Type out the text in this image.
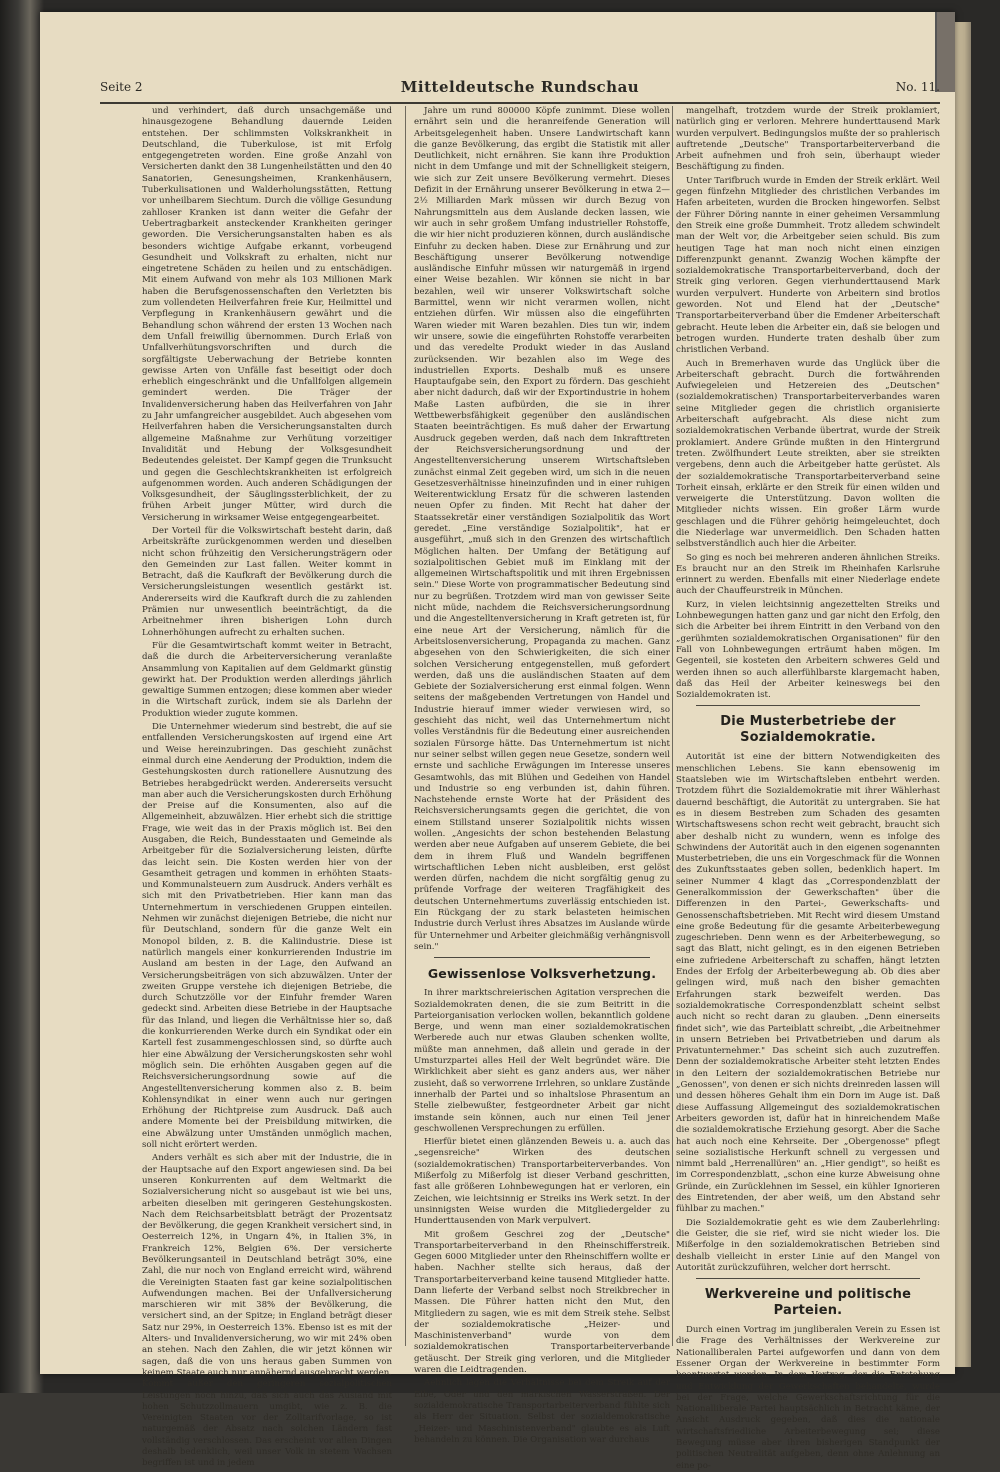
Seite 2	Mitteldeutsche Rundschau	No. 11.

und verhindert, daß durch unsachgemäße und hinausgezogene Behandlung dauernde Leiden entstehen. Der schlimmsten Volkskrankheit in Deutschland, die Tuberkulose, ist mit Erfolg entgegengetreten worden. Eine große Anzahl von Versicherten dankt den 38 Lungenheilstätten und den 40 Sanatorien, Genesungsheimen, Krankenhäusern, Tuberkulisationen und Walderholungsstätten, Rettung vor unheilbarem Siechtum. Durch die völlige Gesundung zahlloser Kranken ist dann weiter die Gefahr der Uebertragbarkeit ansteckender Krankheiten geringer geworden. Die Versicherungsanstalten haben es als besonders wichtige Aufgabe erkannt, vorbeugend Gesundheit und Volkskraft zu erhalten, nicht nur eingetretene Schäden zu heilen und zu entschädigen. Mit einem Aufwand von mehr als 103 Millionen Mark haben die Berufsgenossenschaften den Verletzten bis zum vollendeten Heilverfahren freie Kur, Heilmittel und Verpflegung in Krankenhäusern gewährt und die Behandlung schon während der ersten 13 Wochen nach dem Unfall freiwillig übernommen. Durch Erlaß von Unfallverhütungsvorschriften und durch die sorgfältigste Ueberwachung der Betriebe konnten gewisse Arten von Unfälle fast beseitigt oder doch erheblich eingeschränkt und die Unfallfolgen allgemein gemindert werden. Die Träger der Invalidenversicherung haben das Heilverfahren von Jahr zu Jahr umfangreicher ausgebildet. Auch abgesehen vom Heilverfahren haben die Versicherungsanstalten durch allgemeine Maßnahme zur Verhütung vorzeitiger Invalidität und Hebung der Volksgesundheit Bedeutendes geleistet. Der Kampf gegen die Trunksucht und gegen die Geschlechtskrankheiten ist erfolgreich aufgenommen worden. Auch anderen Schädigungen der Volksgesundheit, der Säuglingssterblichkeit, der zu frühen Arbeit junger Mütter, wird durch die Versicherung in wirksamer Weise entgegengearbeitet.

Der Vorteil für die Volkswirtschaft besteht darin, daß Arbeitskräfte zurückgenommen werden und dieselben nicht schon frühzeitig den Versicherungsträgern oder den Gemeinden zur Last fallen. Weiter kommt in Betracht, daß die Kaufkraft der Bevölkerung durch die Versicherungsleistungen wesentlich gestärkt ist. Andererseits wird die Kaufkraft durch die zu zahlenden Prämien nur unwesentlich beeinträchtigt, da die Arbeitnehmer ihren bisherigen Lohn durch Lohnerhöhungen aufrecht zu erhalten suchen.

Für die Gesamtwirtschaft kommt weiter in Betracht, daß die durch die Arbeiterversicherung veranlaßte Ansammlung von Kapitalien auf dem Geldmarkt günstig gewirkt hat. Der Produktion werden allerdings jährlich gewaltige Summen entzogen; diese kommen aber wieder in die Wirtschaft zurück, indem sie als Darlehn der Produktion wieder zugute kommen.

Die Unternehmer wiederum sind bestrebt, die auf sie entfallenden Versicherungskosten auf irgend eine Art und Weise hereinzubringen. Das geschieht zunächst einmal durch eine Aenderung der Produktion, indem die Gestehungskosten durch rationellere Ausnutzung des Betriebes herabgedrückt werden. Andererseits versucht man aber auch die Versicherungskosten durch Erhöhung der Preise auf die Konsumenten, also auf die Allgemeinheit, abzuwälzen. Hier erhebt sich die strittige Frage, wie weit das in der Praxis möglich ist. Bei den Ausgaben, die Reich, Bundesstaaten und Gemeinde als Arbeitgeber für die Sozialversicherung leisten, dürfte das leicht sein. Die Kosten werden hier von der Gesamtheit getragen und kommen in erhöhten Staats- und Kommunalsteuern zum Ausdruck. Anders verhält es sich mit den Privatbetrieben. Hier kann man das Unternehmertum in verschiedenen Gruppen einteilen. Nehmen wir zunächst diejenigen Betriebe, die nicht nur für Deutschland, sondern für die ganze Welt ein Monopol bilden, z. B. die Kaliindustrie. Diese ist natürlich mangels einer konkurrierenden Industrie im Ausland am besten in der Lage, den Aufwand an Versicherungsbeiträgen von sich abzuwälzen. Unter der zweiten Gruppe verstehe ich diejenigen Betriebe, die durch Schutzzölle vor der Einfuhr fremder Waren gedeckt sind. Arbeiten diese Betriebe in der Hauptsache für das Inland, und liegen die Verhältnisse hier so, daß die konkurrierenden Werke durch ein Syndikat oder ein Kartell fest zusammengeschlossen sind, so dürfte auch hier eine Abwälzung der Versicherungskosten sehr wohl möglich sein. Die erhöhten Ausgaben gegen auf die Reichsversicherungsordnung sowie auf die Angestelltenversicherung kommen also z. B. beim Kohlensyndikat in einer wenn auch nur geringen Erhöhung der Richtpreise zum Ausdruck. Daß auch andere Momente bei der Preisbildung mitwirken, die eine Abwälzung unter Umständen unmöglich machen, soll nicht erörtert werden.

Anders verhält es sich aber mit der Industrie, die in der Hauptsache auf den Export angewiesen sind. Da bei unseren Konkurrenten auf dem Weltmarkt die Sozialversicherung nicht so ausgebaut ist wie bei uns, arbeiten dieselben mit geringeren Gestehungskosten. Nach dem Reichsarbeitsblatt beträgt der Prozentsatz der Bevölkerung, die gegen Krankheit versichert sind, in Oesterreich 12%, in Ungarn 4%, in Italien 3%, in Frankreich 12%, Belgien 6%. Der versicherte Bevölkerungsanteil in Deutschland beträgt 30%, eine Zahl, die nur noch von England erreicht wird, während die Vereinigten Staaten fast gar keine sozialpolitischen Aufwendungen machen. Bei der Unfallversicherung marschieren wir mit 38% der Bevölkerung, die versichert sind, an der Spitze; in England beträgt dieser Satz nur 29%, in Oesterreich 13%. Ebenso ist es mit der Alters- und Invalidenversicherung, wo wir mit 24% oben an stehen. Nach den Zahlen, die wir jetzt können wir sagen, daß die von uns heraus gaben Summen von keinem Staate auch nur annähernd ausgebracht werden. Kommt außer den geringeren sozialpolitischen Leistungen noch hinzu, daß sich auch das Ausland mit hohen Schutzzollmauern umgibt, wie z. B. die Vereinigten Staaten vor der Zolltarifvorlage, so ist naturgemäß der Absatz nach solchen Ländern fast vollständig verschlossen. Das erscheint vor allen Dingen deshalb bedenklich, weil unser Volk in stetem Wachsen begriffen ist und in jedem

Jahre um rund 800000 Köpfe zunimmt. Diese wollen ernährt sein und die heranreifende Generation will Arbeitsgelegenheit haben. Unsere Landwirtschaft kann die ganze Bevölkerung, das ergibt die Statistik mit aller Deutlichkeit, nicht ernähren. Sie kann ihre Produktion nicht in dem Umfange und mit der Schnelligkeit steigern, wie sich zur Zeit unsere Bevölkerung vermehrt. Dieses Defizit in der Ernährung unserer Bevölkerung in etwa 2—2½ Milliarden Mark müssen wir durch Bezug von Nahrungsmitteln aus dem Auslande decken lassen, wie wir auch in sehr großem Umfang industrieller Rohstoffe, die wir hier nicht produzieren können, durch ausländische Einfuhr zu decken haben. Diese zur Ernährung und zur Beschäftigung unserer Bevölkerung notwendige ausländische Einfuhr müssen wir naturgemäß in irgend einer Weise bezahlen. Wir können sie nicht in bar bezahlen, weil wir unserer Volkswirtschaft solche Barmittel, wenn wir nicht verarmen wollen, nicht entziehen dürfen. Wir müssen also die eingeführten Waren wieder mit Waren bezahlen. Dies tun wir, indem wir unsere, sowie die eingeführten Rohstoffe verarbeiten und das veredelte Produkt wieder in das Ausland zurücksenden. Wir bezahlen also im Wege des industriellen Exports. Deshalb muß es unsere Hauptaufgabe sein, den Export zu fördern. Das geschieht aber nicht dadurch, daß wir der Exportindustrie in hohem Maße Lasten aufbürden, die sie in ihrer Wettbewerbsfähigkeit gegenüber den ausländischen Staaten beeinträchtigen. Es muß daher der Erwartung Ausdruck gegeben werden, daß nach dem Inkrafttreten der Reichsversicherungsordnung und der Angestelltenversicherung unserem Wirtschaftsleben zunächst einmal Zeit gegeben wird, um sich in die neuen Gesetzesverhältnisse hineinzufinden und in einer ruhigen Weiterentwicklung Ersatz für die schweren lastenden neuen Opfer zu finden. Mit Recht hat daher der Staatssekretär einer verständigen Sozialpolitik das Wort geredet. „Eine verständige Sozialpolitik", hat er ausgeführt, „muß sich in den Grenzen des wirtschaftlich Möglichen halten. Der Umfang der Betätigung auf sozialpolitischen Gebiet muß im Einklang mit der allgemeinen Wirtschaftspolitik und mit ihren Ergebnissen sein." Diese Worte von programmatischer Bedeutung sind nur zu begrüßen. Trotzdem wird man von gewisser Seite nicht müde, nachdem die Reichsversicherungsordnung und die Angestelltenversicherung in Kraft getreten ist, für eine neue Art der Versicherung, nämlich für die Arbeitslosenversicherung, Propaganda zu machen. Ganz abgesehen von den Schwierigkeiten, die sich einer solchen Versicherung entgegenstellen, muß gefordert werden, daß uns die ausländischen Staaten auf dem Gebiete der Sozialversicherung erst einmal folgen. Wenn seitens der maßgebenden Vertretungen von Handel und Industrie hierauf immer wieder verwiesen wird, so geschieht das nicht, weil das Unternehmertum nicht volles Verständnis für die Bedeutung einer ausreichenden sozialen Fürsorge hätte. Das Unternehmertum ist nicht nur seiner selbst willen gegen neue Gesetze, sondern weil ernste und sachliche Erwägungen im Interesse unseres Gesamtwohls, das mit Blühen und Gedeihen von Handel und Industrie so eng verbunden ist, dahin führen. Nachstehende ernste Worte hat der Präsident des Reichsversicherungsamts gegen die gerichtet, die von einem Stillstand unserer Sozialpolitik nichts wissen wollen. „Angesichts der schon bestehenden Belastung werden aber neue Aufgaben auf unserem Gebiete, die bei dem in ihrem Fluß und Wandeln begriffenen wirtschaftlichen Leben nicht ausbleiben, erst gelöst werden dürfen, nachdem die nicht sorgfältig genug zu prüfende Vorfrage der weiteren Tragfähigkeit des deutschen Unternehmertums zuverlässig entschieden ist. Ein Rückgang der zu stark belasteten heimischen Industrie durch Verlust ihres Absatzes im Auslande würde für Unternehmer und Arbeiter gleichmäßig verhängnisvoll sein."

Gewissenlose Volksverhetzung.

In ihrer marktschreierischen Agitation versprechen die Sozialdemokraten denen, die sie zum Beitritt in die Parteiorganisation verlocken wollen, bekanntlich goldene Berge, und wenn man einer sozialdemokratischen Werberede auch nur etwas Glauben schenken wollte, müßte man annehmen, daß allein und gerade in der Umsturzpartei alles Heil der Welt begründet wäre. Die Wirklichkeit aber sieht es ganz anders aus, wer näher zusieht, daß so verworrene Irrlehren, so unklare Zustände innerhalb der Partei und so inhaltslose Phrasentum an Stelle zielbewußter, festgeordneter Arbeit gar nicht imstande sein können, auch nur einen Teil jener geschwollenen Versprechungen zu erfüllen.

Hierfür bietet einen glänzenden Beweis u. a. auch das „segensreiche" Wirken des deutschen (sozialdemokratischen) Transportarbeiterverbandes. Von Mißerfolg zu Mißerfolg ist dieser Verband geschritten, fast alle größeren Lohnbewegungen hat er verloren, ein Zeichen, wie leichtsinnig er Streiks ins Werk setzt. In der unsinnigsten Weise wurden die Mitgliedergelder zu Hunderttausenden von Mark verpulvert.

Mit großem Geschrei zog der „Deutsche" Transportarbeiterverband in den Rheinschifferstreik. Gegen 6000 Mitglieder unter den Rheinschiffern wollte er haben. Nachher stellte sich heraus, daß der Transportarbeiterverband keine tausend Mitglieder hatte. Dann lieferte der Verband selbst noch Streikbrecher in Massen. Die Führer hatten nicht den Mut, den Mitgliedern zu sagen, wie es mit dem Streik stehe. Selbst der sozialdemokratische „Heizer- und Maschinistenverband" wurde von dem sozialdemokratischen Transportarbeiterverbande getäuscht. Der Streik ging verloren, und die Mitglieder waren die Leidtragenden.

Aehnlich lagen die Verhältnisse bei dem Streik auf der Elbe, Oder und den märkischen Wasserstraßen. Der sozialdemokratische Transportarbeiterverband fühlte sich als Herr der Situation. Selbst der sozialdemokratische „Heizer- und Maschinistenverband" glaubte es als Luft behandeln zu können. Die Organisation war durchaus

mangelhaft, trotzdem wurde der Streik proklamiert, natürlich ging er verloren. Mehrere hunderttausend Mark wurden verpulvert. Bedingungslos mußte der so prahlerisch auftretende „Deutsche" Transportarbeiterverband die Arbeit aufnehmen und froh sein, überhaupt wieder Beschäftigung zu finden.

Unter Tarifbruch wurde in Emden der Streik erklärt. Weil gegen fünfzehn Mitglieder des christlichen Verbandes im Hafen arbeiteten, wurden die Brocken hingeworfen. Selbst der Führer Döring nannte in einer geheimen Versammlung den Streik eine große Dummheit. Trotz alledem schwindelt man der Welt vor, die Arbeitgeber seien schuld. Bis zum heutigen Tage hat man noch nicht einen einzigen Differenzpunkt genannt. Zwanzig Wochen kämpfte der sozialdemokratische Transportarbeiterverband, doch der Streik ging verloren. Gegen vierhunderttausend Mark wurden verpulvert. Hunderte von Arbeitern sind brotlos geworden. Not und Elend hat der „Deutsche" Transportarbeiterverband über die Emdener Arbeiterschaft gebracht. Heute leben die Arbeiter ein, daß sie belogen und betrogen wurden. Hunderte traten deshalb über zum christlichen Verband.

Auch in Bremerhaven wurde das Unglück über die Arbeiterschaft gebracht. Durch die fortwährenden Aufwiegeleien und Hetzereien des „Deutschen" (sozialdemokratischen) Transportarbeiterverbandes waren seine Mitglieder gegen die christlich organisierte Arbeiterschaft aufgebracht. Als diese nicht zum sozialdemokratischen Verbande übertrat, wurde der Streik proklamiert. Andere Gründe mußten in den Hintergrund treten. Zwölfhundert Leute streikten, aber sie streikten vergebens, denn auch die Arbeitgeber hatte gerüstet. Als der sozialdemokratische Transportarbeiterverband seine Torheit einsah, erklärte er den Streik für einen wilden und verweigerte die Unterstützung. Davon wollten die Mitglieder nichts wissen. Ein großer Lärm wurde geschlagen und die Führer gehörig heimgeleuchtet, doch die Niederlage war unvermeidlich. Den Schaden hatten selbstverständlich auch hier die Arbeiter.

So ging es noch bei mehreren anderen ähnlichen Streiks. Es braucht nur an den Streik im Rheinhafen Karlsruhe erinnert zu werden. Ebenfalls mit einer Niederlage endete auch der Chauffeurstreik in München.

Kurz, in vielen leichtsinnig angezettelten Streiks und Lohnbewegungen hatten ganz und gar nicht den Erfolg, den sich die Arbeiter bei ihrem Eintritt in den Verband von den „gerühmten sozialdemokratischen Organisationen" für den Fall von Lohnbewegungen erträumt haben mögen. Im Gegenteil, sie kosteten den Arbeitern schweres Geld und werden ihnen so auch allerfühlbarste klargemacht haben, daß das Heil der Arbeiter keineswegs bei den Sozialdemokraten ist.

Die Musterbetriebe der Sozialdemokratie.

Autorität ist eine der bittern Notwendigkeiten des menschlichen Lebens. Sie kann ebensowenig im Staatsleben wie im Wirtschaftsleben entbehrt werden. Trotzdem führt die Sozialdemokratie mit ihrer Wählerhast dauernd beschäftigt, die Autorität zu untergraben. Sie hat es in diesem Bestreben zum Schaden des gesamten Wirtschaftswesens schon recht weit gebracht, braucht sich aber deshalb nicht zu wundern, wenn es infolge des Schwindens der Autorität auch in den eigenen sogenannten Musterbetrieben, die uns ein Vorgeschmack für die Wonnen des Zukunftsstaates geben sollen, bedenklich hapert. Im seiner Nummer 4 klagt das „Correspondenzblatt der Generalkommission der Gewerkschaften" über die Differenzen in den Partei-, Gewerkschafts- und Genossenschaftsbetrieben. Mit Recht wird diesem Umstand eine große Bedeutung für die gesamte Arbeiterbewegung zugeschrieben. Denn wenn es der Arbeiterbewegung, so sagt das Blatt, nicht gelingt, es in den eigenen Betrieben eine zufriedene Arbeiterschaft zu schaffen, hängt letzten Endes der Erfolg der Arbeiterbewegung ab. Ob dies aber gelingen wird, muß nach den bisher gemachten Erfahrungen stark bezweifelt werden. Das sozialdemokratische Correspondenzblatt scheint selbst auch nicht so recht daran zu glauben. „Denn einerseits findet sich", wie das Parteiblatt schreibt, „die Arbeitnehmer in unsern Betrieben bei Privatbetrieben und darum als Privatunternehmer." Das scheint sich auch zuzutreffen. Denn der sozialdemokratische Arbeiter steht letzten Endes in den Leitern der sozialdemokratischen Betriebe nur „Genossen", von denen er sich nichts dreinreden lassen will und dessen höheres Gehalt ihm ein Dorn im Auge ist. Daß diese Auffassung Allgemeingut des sozialdemokratischen Arbeiters geworden ist, dafür hat in hinreichendem Maße die sozialdemokratische Erziehung gesorgt. Aber die Sache hat auch noch eine Kehrseite. Der „Obergenosse" pflegt seine sozialistische Herkunft schnell zu vergessen und nimmt bald „Herrenallüren" an. „Hier gendigt", so heißt es im Correspondenzblatt, „schon eine kurze Abweisung ohne Gründe, ein Zurücklehnen im Sessel, ein kühler Ignorieren des Eintretenden, der aber weiß, um den Abstand sehr fühlbar zu machen."

Die Sozialdemokratie geht es wie dem Zauberlehrling: die Geister, die sie rief, wird sie nicht wieder los. Die Mißerfolge in den sozialdemokratischen Betrieben sind deshalb vielleicht in erster Linie auf den Mangel von Autorität zurückzuführen, welcher dort herrscht.

Werkvereine und politische Parteien.

Durch einen Vortrag im jungliberalen Verein zu Essen ist die Frage des Verhältnisses der Werkvereine zur Nationalliberalen Partei aufgeworfen und dann von dem Essener Organ der Werkvereine in bestimmter Form beantwortet worden. In dem Vortrag, der die Entstehung und Entwicklung der Gewerkschaften behandelte, wurde bei der Frage, welche Gewerkschaftsrichtung für die Nationalliberale Partei hauptsächlich in Betracht käme, der Ansicht Ausdruck gegeben, daß dies die nationale wirtschaftsfriedliche Arbeiterbewegung sei; diese Bewegung müsse aber ihren bisherigen Standpunkt der politischen Neutralität aufgeben, denn ohne Anlehnung an eine po-
